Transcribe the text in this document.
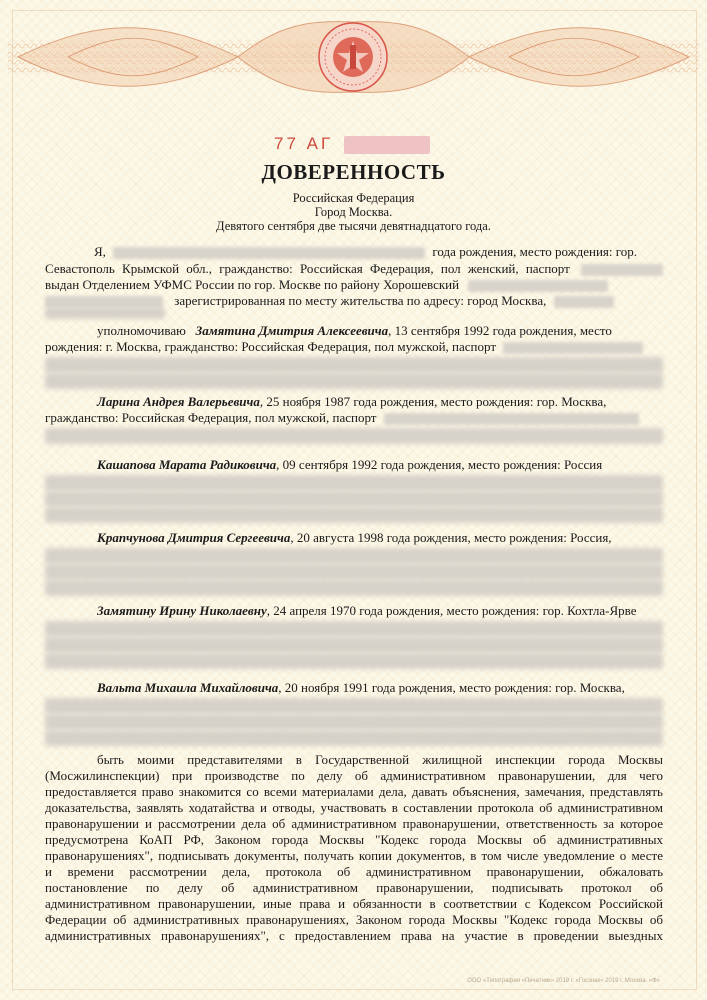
77 АГ
ДОВЕРЕННОСТЬ
Российская Федерация
Город Москва.
Девятого сентября две тысячи девятнадцатого года.
Я,	года рождения, место рождения: гор.
Севастополь Крымской обл., гражданство: Российская Федерация, пол женский, паспорт
выдан Отделением УФМС России по гор. Москве по району Хорошевский
зарегистрированная по месту жительства по адресу: город Москва,
уполномочиваю Замятина Дмитрия Алексеевича, 13 сентября 1992 года рождения, место
рождения: г. Москва, гражданство: Российская Федерация, пол мужской, паспорт
Ларина Андрея Валерьевича, 25 ноября 1987 года рождения, место рождения: гор. Москва,
гражданство: Российская Федерация, пол мужской, паспорт
Кашапова Марата Радиковича, 09 сентября 1992 года рождения, место рождения: Россия
Крапчунова Дмитрия Сергеевича, 20 августа 1998 года рождения, место рождения: Россия,
Замятину Ирину Николаевну, 24 апреля 1970 года рождения, место рождения: гор. Кохтла-Ярве
Вальта Михаила Михайловича, 20 ноября 1991 года рождения, место рождения: гор. Москва,
быть моими представителями в Государственной жилищной инспекции города Москвы
(Мосжилинспекции) при производстве по делу об административном правонарушении, для чего
предоставляется право знакомится со всеми материалами дела, давать объяснения, замечания, представлять
доказательства, заявлять ходатайства и отводы, участвовать в составлении протокола об административном
правонарушении и рассмотрении дела об административном правонарушении, ответственность за которое
предусмотрена КоАП РФ, Законом города Москвы "Кодекс города Москвы об административных
правонарушениях", подписывать документы, получать копии документов, в том числе уведомление о месте
и времени рассмотрении дела, протокола об административном правонарушении, обжаловать
постановление по делу об административном правонарушении, подписывать протокол об
административном правонарушении, иные права и обязанности в соответствии с Кодексом Российской
Федерации об административных правонарушениях, Законом города Москвы "Кодекс города Москвы об
административных правонарушениях", с предоставлением права на участие в проведении выездных
ООО «Типография «Печатник» 2019 г. «Госзнак» 2019 г. Москва. «Ф»
